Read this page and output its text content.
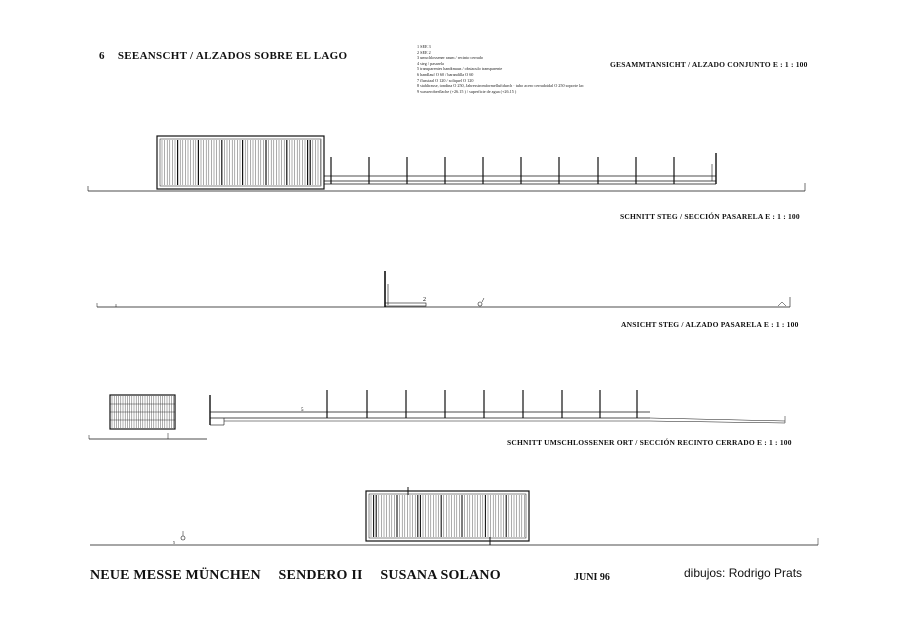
6 SEEANSCHT / ALZADOS SOBRE EL LAGO
1 SEE 3
2 SEE 2
3 umschlossener raum / recinto cerrado
4 steg / pasarela
5 transparentes handtmaus / obstaculo transparente
6 handlauf O 60 / barandilla O 60
7 flusstaal O 120 / soliquel O 120
8 stahltrasse, tondina O 250, Jahresstromformelluftdurch · tubo acero cerradoidal O 250 soporte lac
9 wasseroberflache (+26.15 ) / superficie de agua (+26.15 )
GESAMMTANSICHT / ALZADO CONJUNTO E : 1 : 100
SCHNITT STEG / SECCIÓN PASARELA E : 1 : 100
ANSICHT STEG / ALZADO PASARELA E : 1 : 100
SCHNITT UMSCHLOSSENER ORT / SECCIÓN RECINTO CERRADO E : 1 : 100
2
5
5
NEUE MESSE MÜNCHEN SENDERO II SUSANA SOLANO	JUNI 96	dibujos: Rodrigo Prats
